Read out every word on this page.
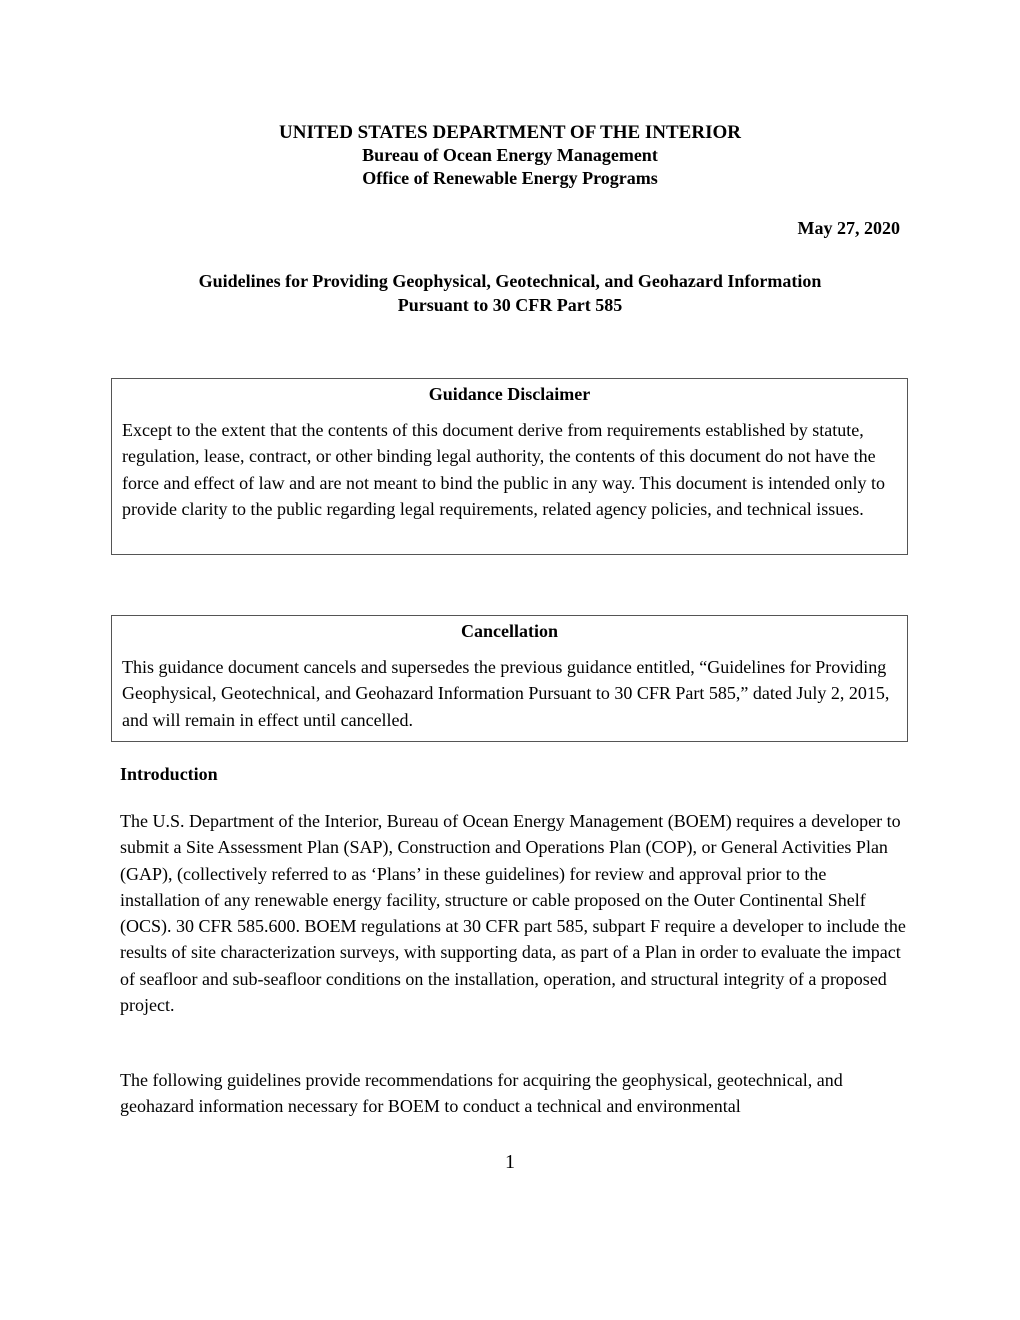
UNITED STATES DEPARTMENT OF THE INTERIOR
Bureau of Ocean Energy Management
Office of Renewable Energy Programs
May 27, 2020
Guidelines for Providing Geophysical, Geotechnical, and Geohazard Information
Pursuant to 30 CFR Part 585
Guidance Disclaimer
Except to the extent that the contents of this document derive from requirements established by statute, regulation, lease, contract, or other binding legal authority, the contents of this document do not have the force and effect of law and are not meant to bind the public in any way. This document is intended only to provide clarity to the public regarding legal requirements, related agency policies, and technical issues.
Cancellation
This guidance document cancels and supersedes the previous guidance entitled, “Guidelines for Providing Geophysical, Geotechnical, and Geohazard Information Pursuant to 30 CFR Part 585,” dated July 2, 2015, and will remain in effect until cancelled.
Introduction
The U.S. Department of the Interior, Bureau of Ocean Energy Management (BOEM) requires a developer to submit a Site Assessment Plan (SAP), Construction and Operations Plan (COP), or General Activities Plan (GAP), (collectively referred to as ‘Plans’ in these guidelines) for review and approval prior to the installation of any renewable energy facility, structure or cable proposed on the Outer Continental Shelf (OCS). 30 CFR 585.600. BOEM regulations at 30 CFR part 585, subpart F require a developer to include the results of site characterization surveys, with supporting data, as part of a Plan in order to evaluate the impact of seafloor and sub-seafloor conditions on the installation, operation, and structural integrity of a proposed project.
The following guidelines provide recommendations for acquiring the geophysical, geotechnical, and geohazard information necessary for BOEM to conduct a technical and environmental
1
